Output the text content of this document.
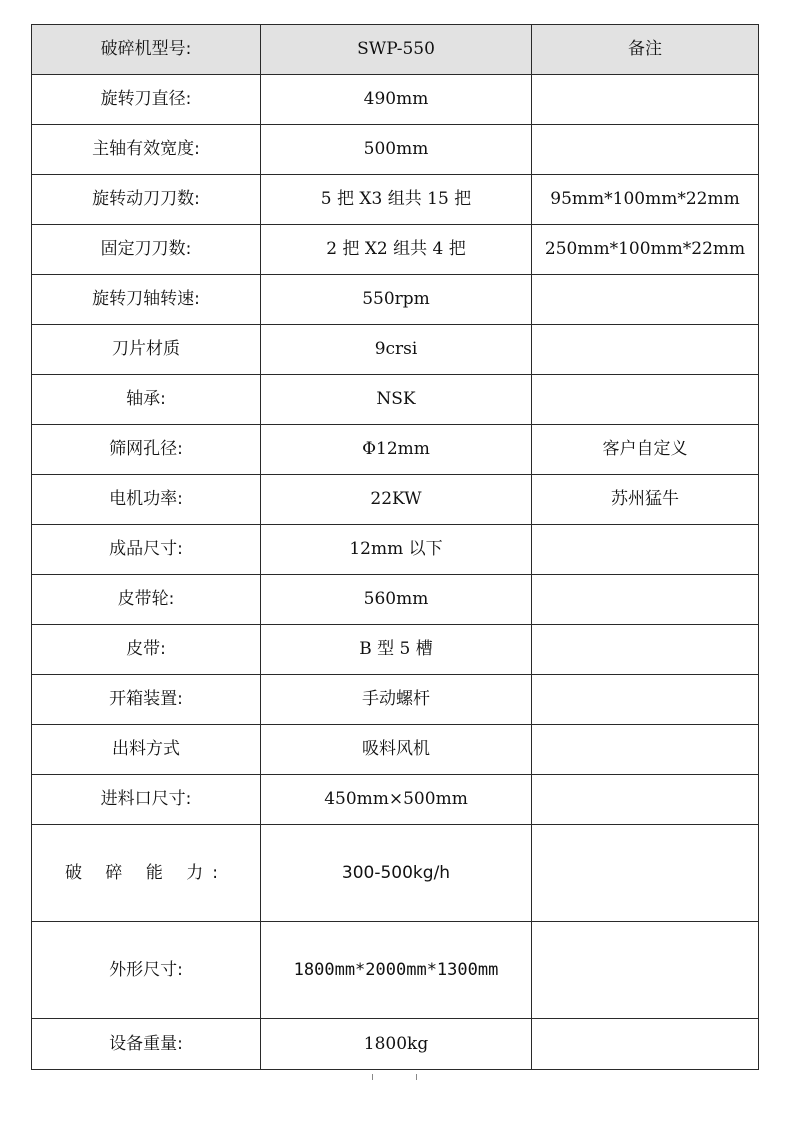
破碎机型号:	SWP-550	备注
旋转刀直径:	490mm	
主轴有效宽度:	500mm	
旋转动刀刀数:	5 把 X3 组共 15 把	95mm*100mm*22mm
固定刀刀数:	2 把 X2 组共 4 把	250mm*100mm*22mm
旋转刀轴转速:	550rpm	
刀片材质	9crsi	
轴承:	NSK	
筛网孔径:	Φ12mm	客户自定义
电机功率:	22KW	苏州猛牛
成品尺寸:	12mm 以下	
皮带轮:	560mm	
皮带:	B 型 5 槽	
开箱装置:	手动螺杆	
出料方式	吸料风机	
进料口尺寸:	450mm×500mm	
破 碎 能 力:	300-500kg/h	
外形尺寸:	1800mm*2000mm*1300mm	
设备重量:	1800kg	
